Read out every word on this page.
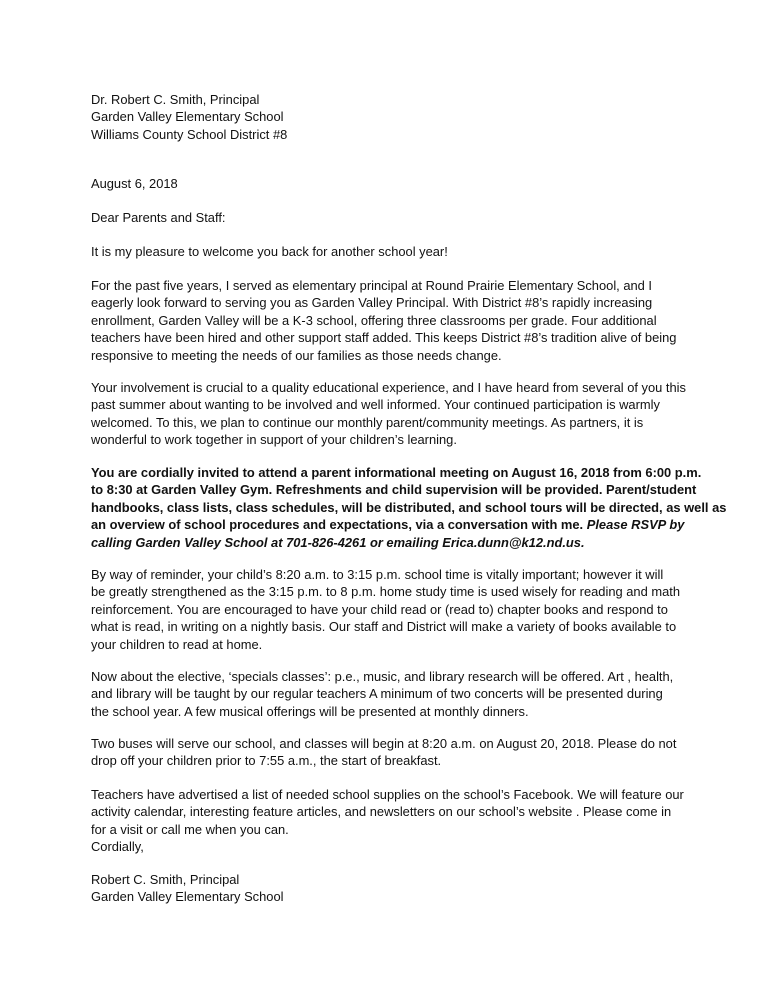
Dr. Robert C. Smith, Principal
Garden Valley Elementary School
Williams County School District #8
August 6, 2018
Dear Parents and Staff:
It is my pleasure to welcome you back for another school year!
For the past five years, I served as elementary principal at Round Prairie Elementary School, and I
eagerly look forward to serving you as Garden Valley Principal. With District #8’s rapidly increasing
enrollment, Garden Valley will be a K-3 school, offering three classrooms per grade. Four additional
teachers have been hired and other support staff added. This keeps District #8’s tradition alive of being
responsive to meeting the needs of our families as those needs change.
Your involvement is crucial to a quality educational experience, and I have heard from several of you this
past summer about wanting to be involved and well informed. Your continued participation is warmly
welcomed. To this, we plan to continue our monthly parent/community meetings. As partners, it is
wonderful to work together in support of your children’s learning.
You are cordially invited to attend a parent informational meeting on August 16, 2018 from 6:00 p.m.
to 8:30 at Garden Valley Gym. Refreshments and child supervision will be provided. Parent/student
handbooks, class lists, class schedules, will be distributed, and school tours will be directed, as well as
an overview of school procedures and expectations, via a conversation with me. Please RSVP by
calling Garden Valley School at 701-826-4261 or emailing Erica.dunn@k12.nd.us.
By way of reminder, your child’s 8:20 a.m. to 3:15 p.m. school time is vitally important; however it will
be greatly strengthened as the 3:15 p.m. to 8 p.m. home study time is used wisely for reading and math
reinforcement. You are encouraged to have your child read or (read to) chapter books and respond to
what is read, in writing on a nightly basis. Our staff and District will make a variety of books available to
your children to read at home.
Now about the elective, ‘specials classes’: p.e., music, and library research will be offered. Art , health,
and library will be taught by our regular teachers A minimum of two concerts will be presented during
the school year. A few musical offerings will be presented at monthly dinners.
Two buses will serve our school, and classes will begin at 8:20 a.m. on August 20, 2018. Please do not
drop off your children prior to 7:55 a.m., the start of breakfast.
Teachers have advertised a list of needed school supplies on the school’s Facebook. We will feature our
activity calendar, interesting feature articles, and newsletters on our school’s website . Please come in
for a visit or call me when you can.
Cordially,
Robert C. Smith, Principal
Garden Valley Elementary School
